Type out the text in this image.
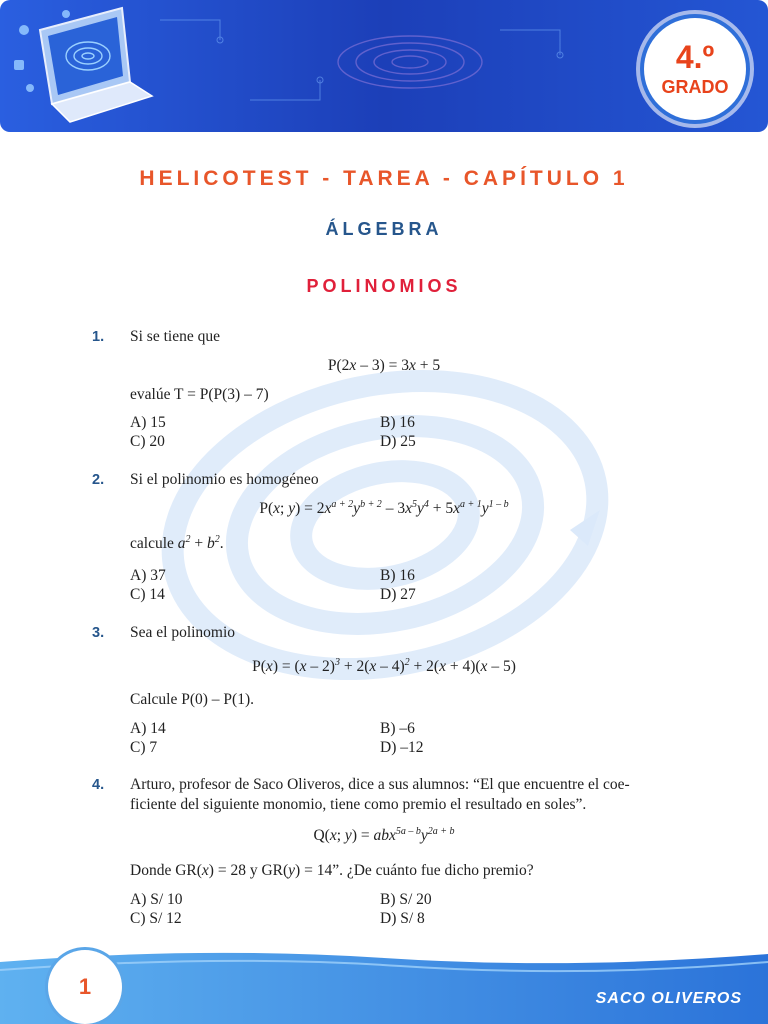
4.º
GRADO
HELICOTEST - TAREA - CAPÍTULO 1
ÁLGEBRA
POLINOMIOS
1. Si se tiene que
P(2x – 3) = 3x + 5
evalúe T = P(P(3) – 7)
A) 15	B) 16
C) 20	D) 25
2. Si el polinomio es homogéneo
P(x; $y) = 2x^{a + 2}y^{b + 2} - 3x^5y^4 + 5x^{a + 1}y^{1 - b}$
calcule $a^2 + b^2$.
A) 37	B) 16
C) 14	D) 27
3. Sea el polinomio
P(x) = (x – 2)$^3$ + 2(x – 4)$^2$ + 2(x + 4)(x – 5)
Calcule P(0) – P(1).
A) 14	B) –6
C) 7	D) –12
4. Arturo, profesor de Saco Oliveros, dice a sus alumnos: “El que encuentre el coe-
ficiente del siguiente monomio, tiene como premio el resultado en soles”.
Q(x; $y) = abx^{5a - b}y^{2a + b}$
Donde GR(x) = 28 y GR(y) = 14”. ¿De cuánto fue dicho premio?
A) S/ 10	B) S/ 20
C) S/ 12	D) S/ 8
1	SACO OLIVEROS
